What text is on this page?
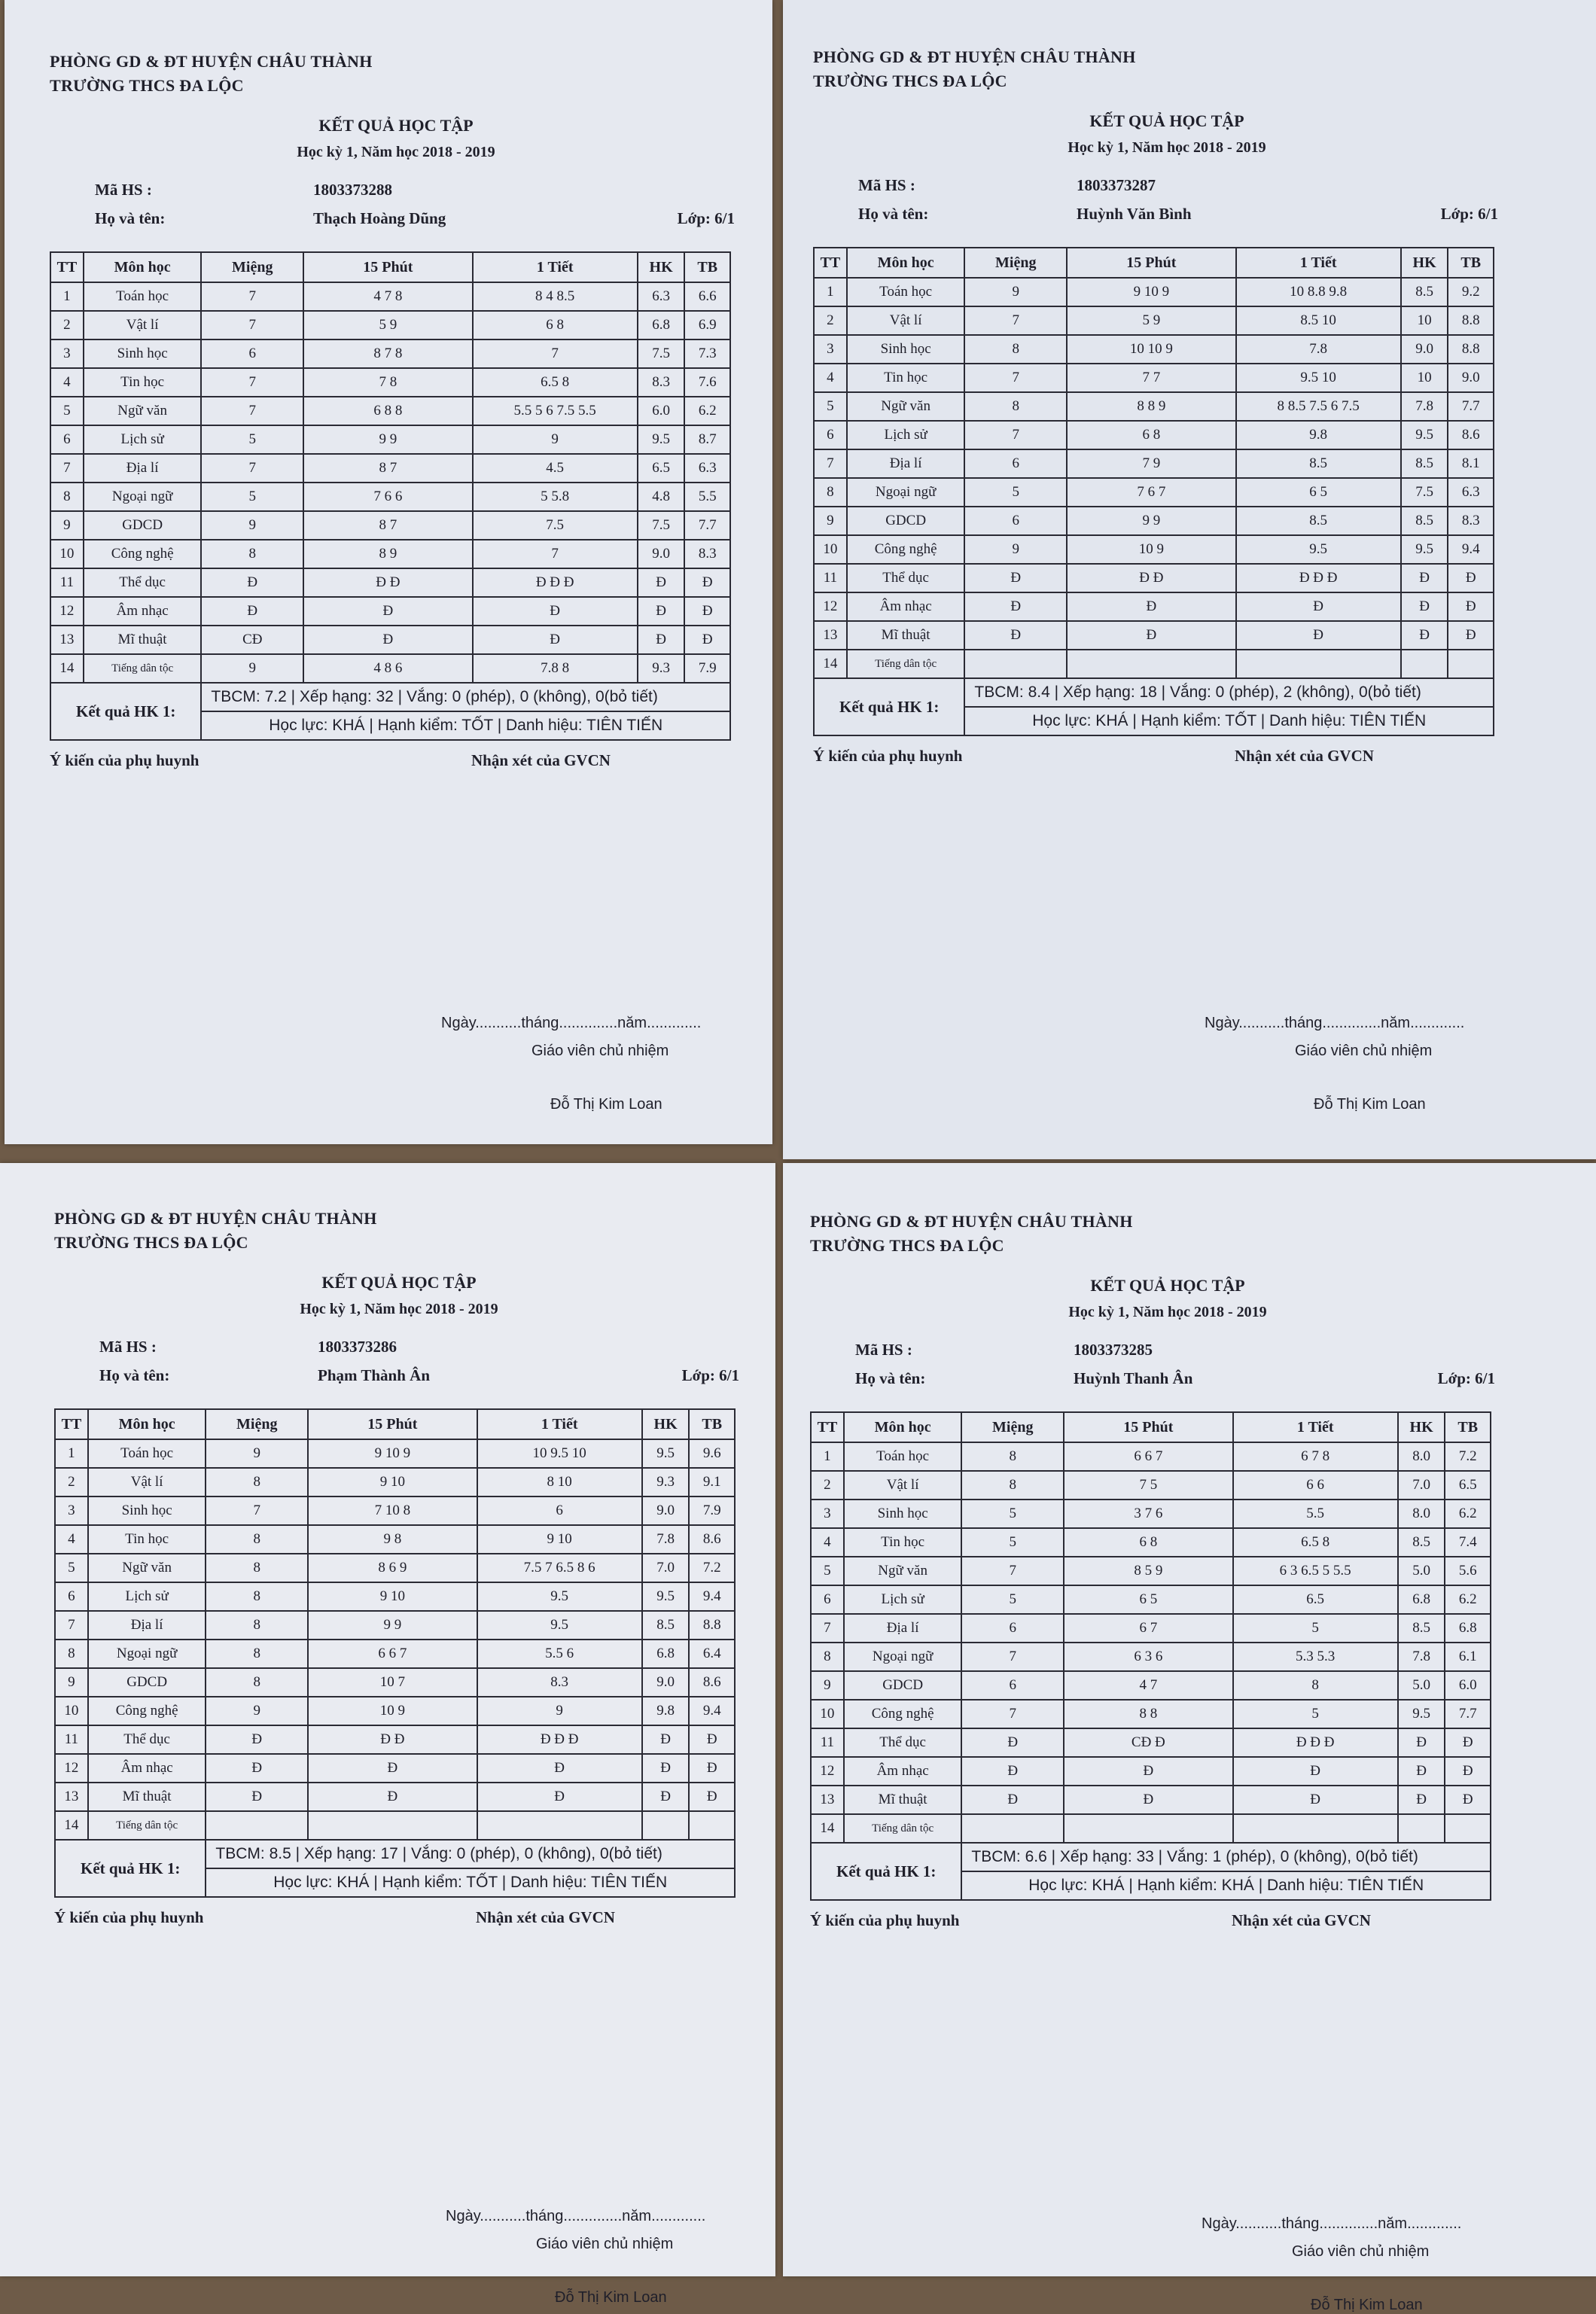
PHÒNG GD & ĐT HUYỆN CHÂU THÀNH
TRƯỜNG THCS ĐA LỘC
KẾT QUẢ HỌC TẬP
Học kỳ 1, Năm học 2018 - 2019
Mã HS :	1803373288
Họ và tên:	Thạch Hoàng Dũng	Lớp: 6/1
TT	Môn học	Miệng	15 Phút	1 Tiết	HK	TB
1	Toán học	7	4 7 8	8 4 8.5	6.3	6.6
2	Vật lí	7	5 9	6 8	6.8	6.9
3	Sinh học	6	8 7 8	7	7.5	7.3
4	Tin học	7	7 8	6.5 8	8.3	7.6
5	Ngữ văn	7	6 8 8	5.5 5 6 7.5 5.5	6.0	6.2
6	Lịch sử	5	9 9	9	9.5	8.7
7	Địa lí	7	8 7	4.5	6.5	6.3
8	Ngoại ngữ	5	7 6 6	5 5.8	4.8	5.5
9	GDCD	9	8 7	7.5	7.5	7.7
10	Công nghệ	8	8 9	7	9.0	8.3
11	Thể dục	Đ	Đ Đ	Đ Đ Đ	Đ	Đ
12	Âm nhạc	Đ	Đ	Đ	Đ	Đ
13	Mĩ thuật	CĐ	Đ	Đ	Đ	Đ
14	Tiếng dân tộc	9	4 8 6	7.8 8	9.3	7.9
Kết quả HK 1:		TBCM: 7.2 | Xếp hạng: 32 | Vắng: 0 (phép), 0 (không), 0(bỏ tiết)				
		Học lực: KHÁ | Hạnh kiểm: TỐT | Danh hiệu: TIÊN TIẾN				
Ý kiến của phụ huynh	Nhận xét của GVCN
Ngày...........tháng..............năm.............
Giáo viên chủ nhiệm
Đỗ Thị Kim Loan
PHÒNG GD & ĐT HUYỆN CHÂU THÀNH
TRƯỜNG THCS ĐA LỘC
KẾT QUẢ HỌC TẬP
Học kỳ 1, Năm học 2018 - 2019
Mã HS :	1803373287
Họ và tên:	Huỳnh Văn Bình	Lớp: 6/1
TT	Môn học	Miệng	15 Phút	1 Tiết	HK	TB
1	Toán học	9	9 10 9	10 8.8 9.8	8.5	9.2
2	Vật lí	7	5 9	8.5 10	10	8.8
3	Sinh học	8	10 10 9	7.8	9.0	8.8
4	Tin học	7	7 7	9.5 10	10	9.0
5	Ngữ văn	8	8 8 9	8 8.5 7.5 6 7.5	7.8	7.7
6	Lịch sử	7	6 8	9.8	9.5	8.6
7	Địa lí	6	7 9	8.5	8.5	8.1
8	Ngoại ngữ	5	7 6 7	6 5	7.5	6.3
9	GDCD	6	9 9	8.5	8.5	8.3
10	Công nghệ	9	10 9	9.5	9.5	9.4
11	Thể dục	Đ	Đ Đ	Đ Đ Đ	Đ	Đ
12	Âm nhạc	Đ	Đ	Đ	Đ	Đ
13	Mĩ thuật	Đ	Đ	Đ	Đ	Đ
14	Tiếng dân tộc					
Kết quả HK 1:		TBCM: 8.4 | Xếp hạng: 18 | Vắng: 0 (phép), 2 (không), 0(bỏ tiết)				
		Học lực: KHÁ | Hạnh kiểm: TỐT | Danh hiệu: TIÊN TIẾN				
Ý kiến của phụ huynh	Nhận xét của GVCN
Ngày...........tháng..............năm.............
Giáo viên chủ nhiệm
Đỗ Thị Kim Loan
PHÒNG GD & ĐT HUYỆN CHÂU THÀNH
TRƯỜNG THCS ĐA LỘC
KẾT QUẢ HỌC TẬP
Học kỳ 1, Năm học 2018 - 2019
Mã HS :	1803373286
Họ và tên:	Phạm Thành Ân	Lớp: 6/1
TT	Môn học	Miệng	15 Phút	1 Tiết	HK	TB
1	Toán học	9	9 10 9	10 9.5 10	9.5	9.6
2	Vật lí	8	9 10	8 10	9.3	9.1
3	Sinh học	7	7 10 8	6	9.0	7.9
4	Tin học	8	9 8	9 10	7.8	8.6
5	Ngữ văn	8	8 6 9	7.5 7 6.5 8 6	7.0	7.2
6	Lịch sử	8	9 10	9.5	9.5	9.4
7	Địa lí	8	9 9	9.5	8.5	8.8
8	Ngoại ngữ	8	6 6 7	5.5 6	6.8	6.4
9	GDCD	8	10 7	8.3	9.0	8.6
10	Công nghệ	9	10 9	9	9.8	9.4
11	Thể dục	Đ	Đ Đ	Đ Đ Đ	Đ	Đ
12	Âm nhạc	Đ	Đ	Đ	Đ	Đ
13	Mĩ thuật	Đ	Đ	Đ	Đ	Đ
14	Tiếng dân tộc					
Kết quả HK 1:		TBCM: 8.5 | Xếp hạng: 17 | Vắng: 0 (phép), 0 (không), 0(bỏ tiết)				
		Học lực: KHÁ | Hạnh kiểm: TỐT | Danh hiệu: TIÊN TIẾN				
Ý kiến của phụ huynh	Nhận xét của GVCN
Ngày...........tháng..............năm.............
Giáo viên chủ nhiệm
Đỗ Thị Kim Loan
PHÒNG GD & ĐT HUYỆN CHÂU THÀNH
TRƯỜNG THCS ĐA LỘC
KẾT QUẢ HỌC TẬP
Học kỳ 1, Năm học 2018 - 2019
Mã HS :	1803373285
Họ và tên:	Huỳnh Thanh Ân	Lớp: 6/1
TT	Môn học	Miệng	15 Phút	1 Tiết	HK	TB
1	Toán học	8	6 6 7	6 7 8	8.0	7.2
2	Vật lí	8	7 5	6 6	7.0	6.5
3	Sinh học	5	3 7 6	5.5	8.0	6.2
4	Tin học	5	6 8	6.5 8	8.5	7.4
5	Ngữ văn	7	8 5 9	6 3 6.5 5 5.5	5.0	5.6
6	Lịch sử	5	6 5	6.5	6.8	6.2
7	Địa lí	6	6 7	5	8.5	6.8
8	Ngoại ngữ	7	6 3 6	5.3 5.3	7.8	6.1
9	GDCD	6	4 7	8	5.0	6.0
10	Công nghệ	7	8 8	5	9.5	7.7
11	Thể dục	Đ	CĐ Đ	Đ Đ Đ	Đ	Đ
12	Âm nhạc	Đ	Đ	Đ	Đ	Đ
13	Mĩ thuật	Đ	Đ	Đ	Đ	Đ
14	Tiếng dân tộc					
Kết quả HK 1:		TBCM: 6.6 | Xếp hạng: 33 | Vắng: 1 (phép), 0 (không), 0(bỏ tiết)				
		Học lực: KHÁ | Hạnh kiểm: KHÁ | Danh hiệu: TIÊN TIẾN				
Ý kiến của phụ huynh	Nhận xét của GVCN
Ngày...........tháng..............năm.............
Giáo viên chủ nhiệm
Đỗ Thị Kim Loan
